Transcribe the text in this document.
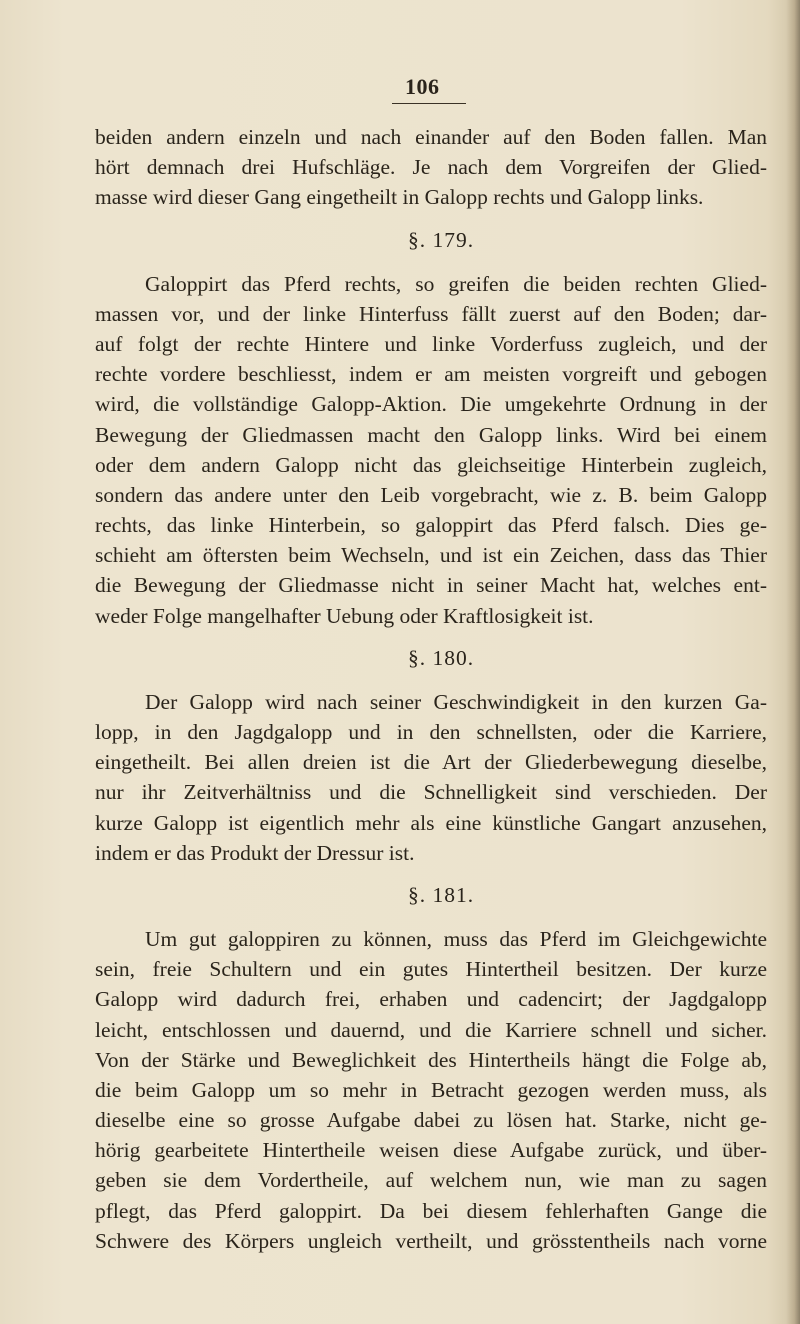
106
beiden andern einzeln und nach einander auf den Boden fallen. Man
hört demnach drei Hufschläge. Je nach dem Vorgreifen der Glied-
masse wird dieser Gang eingetheilt in Galopp rechts und Galopp links.
§. 179.
Galoppirt das Pferd rechts, so greifen die beiden rechten Glied-
massen vor, und der linke Hinterfuss fällt zuerst auf den Boden; dar-
auf folgt der rechte Hintere und linke Vorderfuss zugleich, und der
rechte vordere beschliesst, indem er am meisten vorgreift und gebogen
wird, die vollständige Galopp-Aktion. Die umgekehrte Ordnung in der
Bewegung der Gliedmassen macht den Galopp links. Wird bei einem
oder dem andern Galopp nicht das gleichseitige Hinterbein zugleich,
sondern das andere unter den Leib vorgebracht, wie z. B. beim Galopp
rechts, das linke Hinterbein, so galoppirt das Pferd falsch. Dies ge-
schieht am öftersten beim Wechseln, und ist ein Zeichen, dass das Thier
die Bewegung der Gliedmasse nicht in seiner Macht hat, welches ent-
weder Folge mangelhafter Uebung oder Kraftlosigkeit ist.
§. 180.
Der Galopp wird nach seiner Geschwindigkeit in den kurzen Ga-
lopp, in den Jagdgalopp und in den schnellsten, oder die Karriere,
eingetheilt. Bei allen dreien ist die Art der Gliederbewegung dieselbe,
nur ihr Zeitverhältniss und die Schnelligkeit sind verschieden. Der
kurze Galopp ist eigentlich mehr als eine künstliche Gangart anzusehen,
indem er das Produkt der Dressur ist.
§. 181.
Um gut galoppiren zu können, muss das Pferd im Gleichgewichte
sein, freie Schultern und ein gutes Hintertheil besitzen. Der kurze
Galopp wird dadurch frei, erhaben und cadencirt; der Jagdgalopp
leicht, entschlossen und dauernd, und die Karriere schnell und sicher.
Von der Stärke und Beweglichkeit des Hintertheils hängt die Folge ab,
die beim Galopp um so mehr in Betracht gezogen werden muss, als
dieselbe eine so grosse Aufgabe dabei zu lösen hat. Starke, nicht ge-
hörig gearbeitete Hintertheile weisen diese Aufgabe zurück, und über-
geben sie dem Vordertheile, auf welchem nun, wie man zu sagen
pflegt, das Pferd galoppirt. Da bei diesem fehlerhaften Gange die
Schwere des Körpers ungleich vertheilt, und grösstentheils nach vorne
